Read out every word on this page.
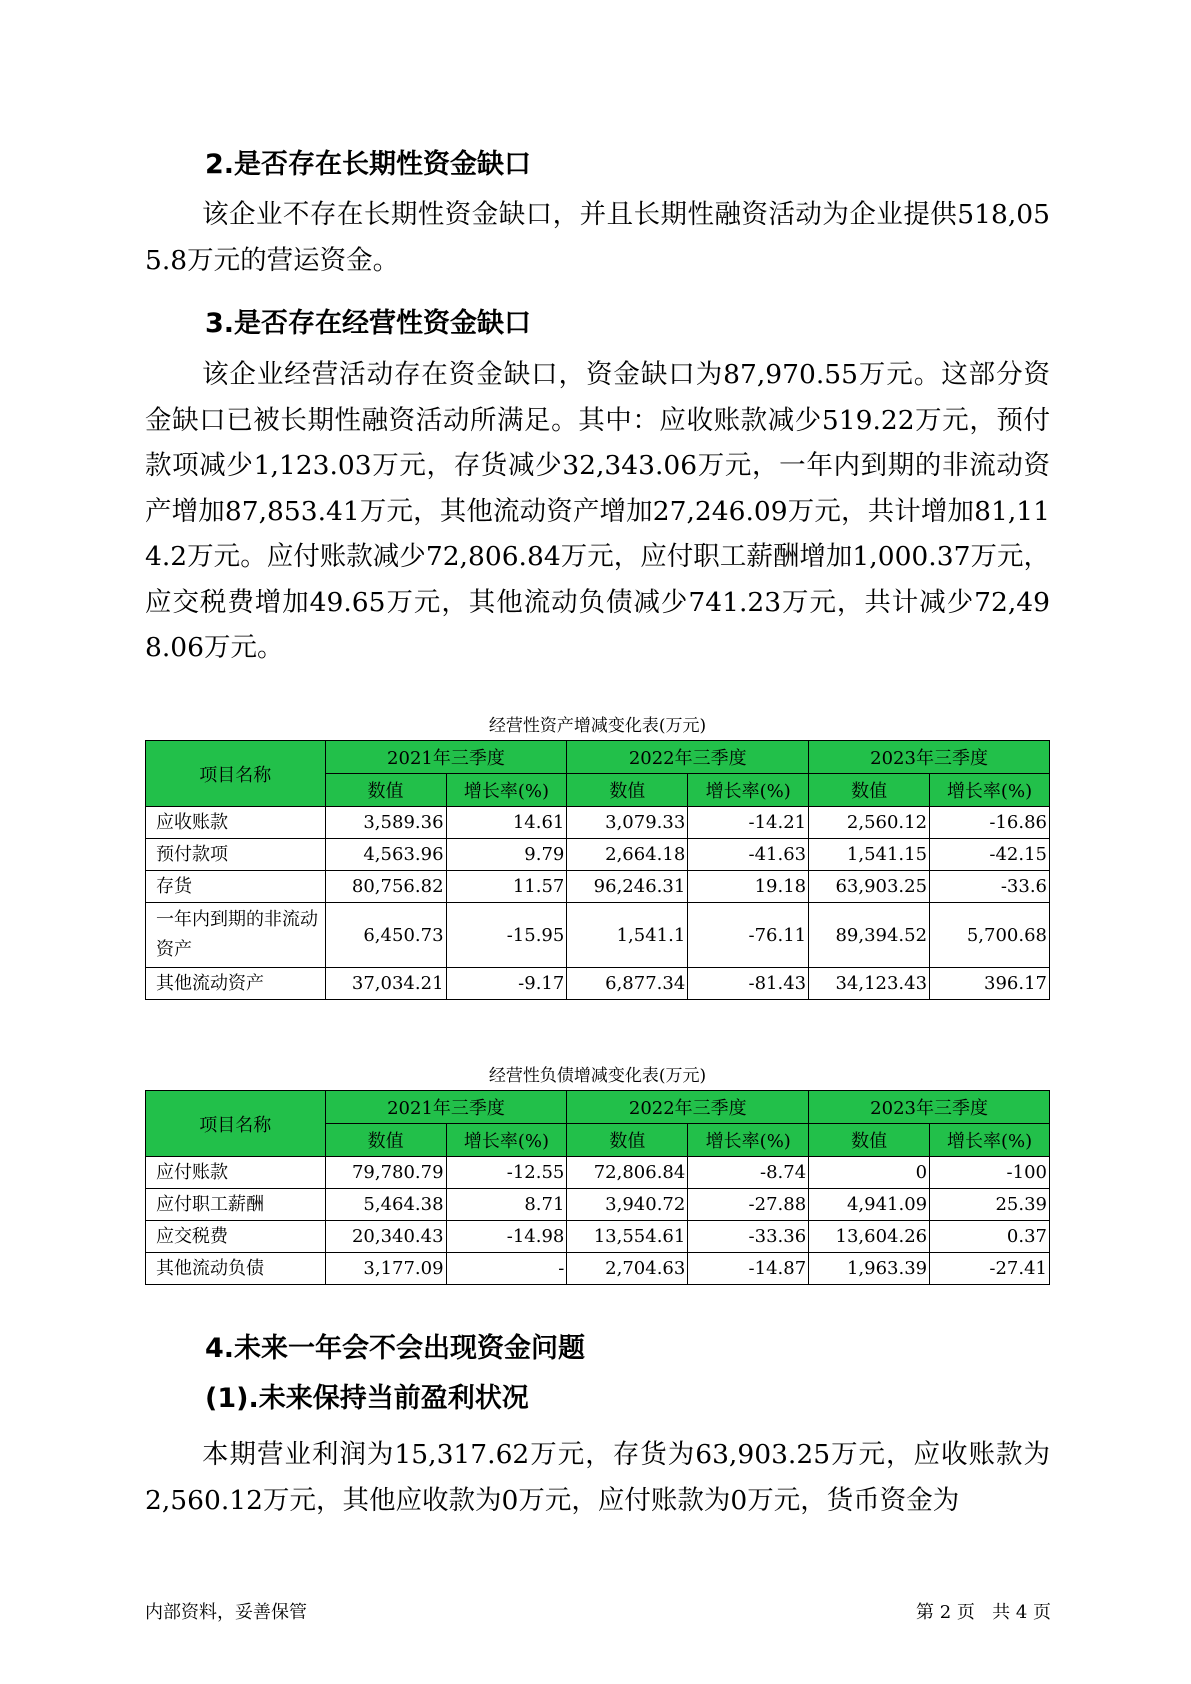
2.是否存在长期性资金缺口

该企业不存在长期性资金缺口，并且长期性融资活动为企业提供518,055.8万元的营运资金。

3.是否存在经营性资金缺口

该企业经营活动存在资金缺口，资金缺口为87,970.55万元。这部分资金缺口已被长期性融资活动所满足。其中：应收账款减少519.22万元，预付款项减少1,123.03万元，存货减少32,343.06万元，一年内到期的非流动资产增加87,853.41万元，其他流动资产增加27,246.09万元，共计增加81,114.2万元。应付账款减少72,806.84万元，应付职工薪酬增加1,000.37万元，应交税费增加49.65万元，其他流动负债减少741.23万元，共计减少72,498.06万元。

经营性资产增减变化表(万元)
项目名称	2021年三季度		2022年三季度		2023年三季度	
	数值	增长率(%)	数值	增长率(%)	数值	增长率(%)
应收账款	3,589.36	14.61	3,079.33	-14.21	2,560.12	-16.86
预付款项	4,563.96	9.79	2,664.18	-41.63	1,541.15	-42.15
存货	80,756.82	11.57	96,246.31	19.18	63,903.25	-33.6
一年内到期的非流动资产	6,450.73	-15.95	1,541.1	-76.11	89,394.52	5,700.68
其他流动资产	37,034.21	-9.17	6,877.34	-81.43	34,123.43	396.17
经营性负债增减变化表(万元)
项目名称	2021年三季度		2022年三季度		2023年三季度	
	数值	增长率(%)	数值	增长率(%)	数值	增长率(%)
应付账款	79,780.79	-12.55	72,806.84	-8.74	0	-100
应付职工薪酬	5,464.38	8.71	3,940.72	-27.88	4,941.09	25.39
应交税费	20,340.43	-14.98	13,554.61	-33.36	13,604.26	0.37
其他流动负债	3,177.09	-	2,704.63	-14.87	1,963.39	-27.41
4.未来一年会不会出现资金问题
(1).未来保持当前盈利状况

本期营业利润为15,317.62万元，存货为63,903.25万元，应收账款为2,560.12万元，其他应收款为0万元，应付账款为0万元，货币资金为

内部资料，妥善保管	第 2 页   共 4 页
